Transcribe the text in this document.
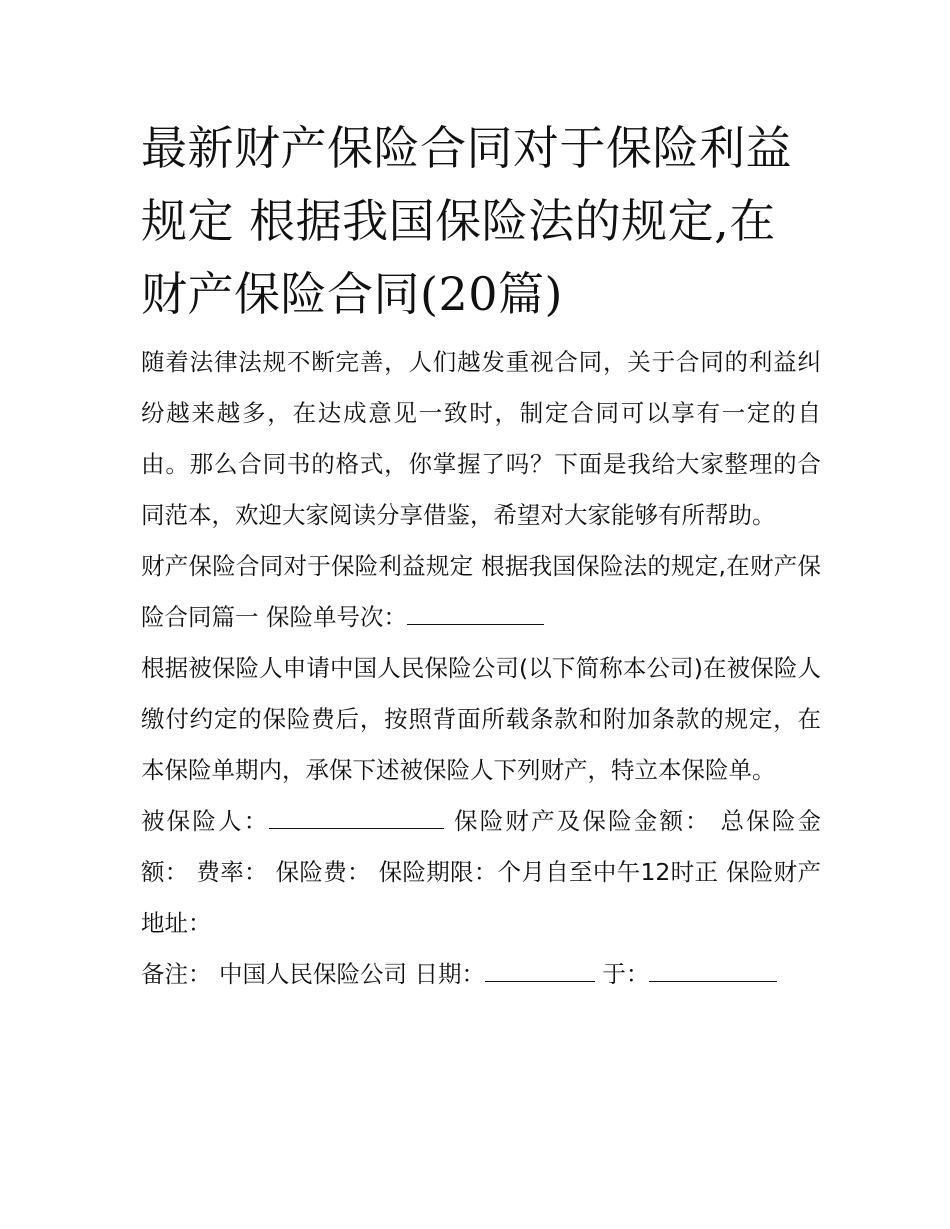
最新财产保险合同对于保险利益规定 根据我国保险法的规定,在财产保险合同(20篇)

随着法律法规不断完善，人们越发重视合同，关于合同的利益纠纷越来越多，在达成意见一致时，制定合同可以享有一定的自由。那么合同书的格式，你掌握了吗？下面是我给大家整理的合同范本，欢迎大家阅读分享借鉴，希望对大家能够有所帮助。

财产保险合同对于保险利益规定 根据我国保险法的规定,在财产保险合同篇一 保险单号次：

根据被保险人申请中国人民保险公司(以下简称本公司)在被保险人缴付约定的保险费后，按照背面所载条款和附加条款的规定，在本保险单期内，承保下述被保险人下列财产，特立本保险单。

被保险人：	保险财产及保险金额： 总保险金额： 费率： 保险费： 保险期限：个月自至中午12时正 保险财产地址：

备注： 中国人民保险公司 日期：	于：
